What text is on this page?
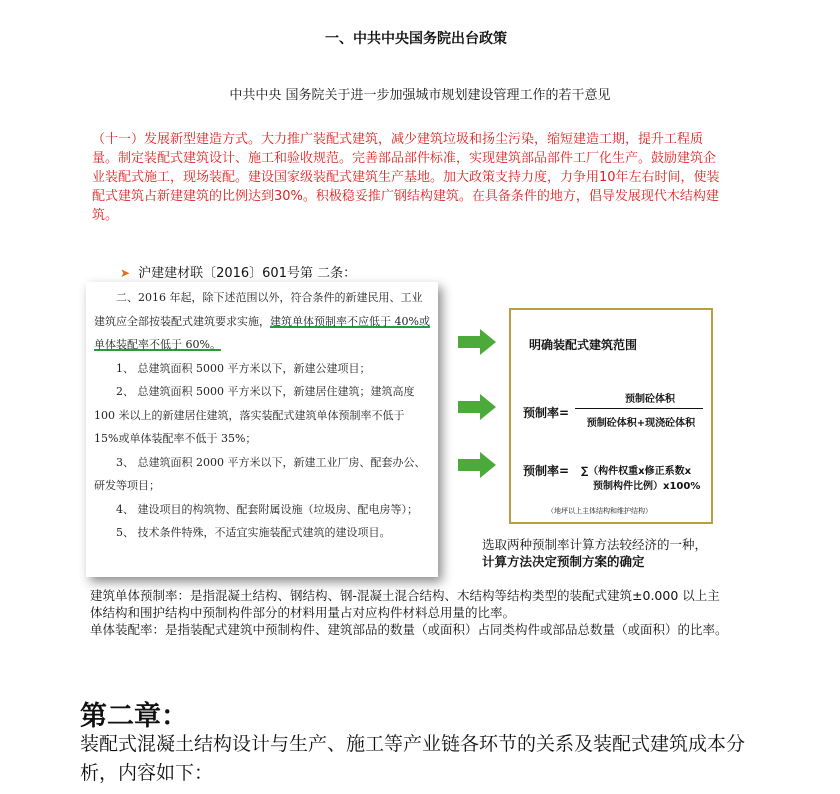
一、中共中央国务院出台政策
中共中央 国务院关于进一步加强城市规划建设管理工作的若干意见
（十一）发展新型建造方式。大力推广装配式建筑，减少建筑垃圾和扬尘污染，缩短建造工期，提升工程质量。制定装配式建筑设计、施工和验收规范。完善部品部件标准，实现建筑部品部件工厂化生产。鼓励建筑企业装配式施工，现场装配。建设国家级装配式建筑生产基地。加大政策支持力度，力争用10年左右时间，使装配式建筑占新建建筑的比例达到30%。积极稳妥推广钢结构建筑。在具备条件的地方，倡导发展现代木结构建筑。
➤ 沪建建材联〔2016〕601号第 二条：

二、2016 年起，除下述范围以外，符合条件的新建民用、工业建筑应全部按装配式建筑要求实施，建筑单体预制率不应低于 40%或单体装配率不低于 60%。

1、 总建筑面积 5000 平方米以下，新建公建项目；

2、 总建筑面积 5000 平方米以下，新建居住建筑；建筑高度 100 米以上的新建居住建筑，落实装配式建筑单体预制率不低于 15%或单体装配率不低于 35%；

3、 总建筑面积 2000 平方米以下，新建工业厂房、配套办公、研发等项目；

4、 建设项目的构筑物、配套附属设施（垃圾房、配电房等）；

5、 技术条件特殊，不适宜实施装配式建筑的建设项目。

明确装配式建筑范围
预制率=
预制砼体积
预制砼体积+现浇砼体积
预制率= ∑（构件权重x修正系数x
预制构件比例）x100%
（地坪以上主体结构和维护结构）
选取两种预制率计算方法较经济的一种，
计算方法决定预制方案的确定

建筑单体预制率：是指混凝土结构、钢结构、钢-混凝土混合结构、木结构等结构类型的装配式建筑±0.000 以上主体结构和围护结构中预制构件部分的材料用量占对应构件材料总用量的比率。

单体装配率：是指装配式建筑中预制构件、建筑部品的数量（或面积）占同类构件或部品总数量（或面积）的比率。

第二章：
装配式混凝土结构设计与生产、施工等产业链各环节的关系及装配式建筑成本分析，内容如下：
